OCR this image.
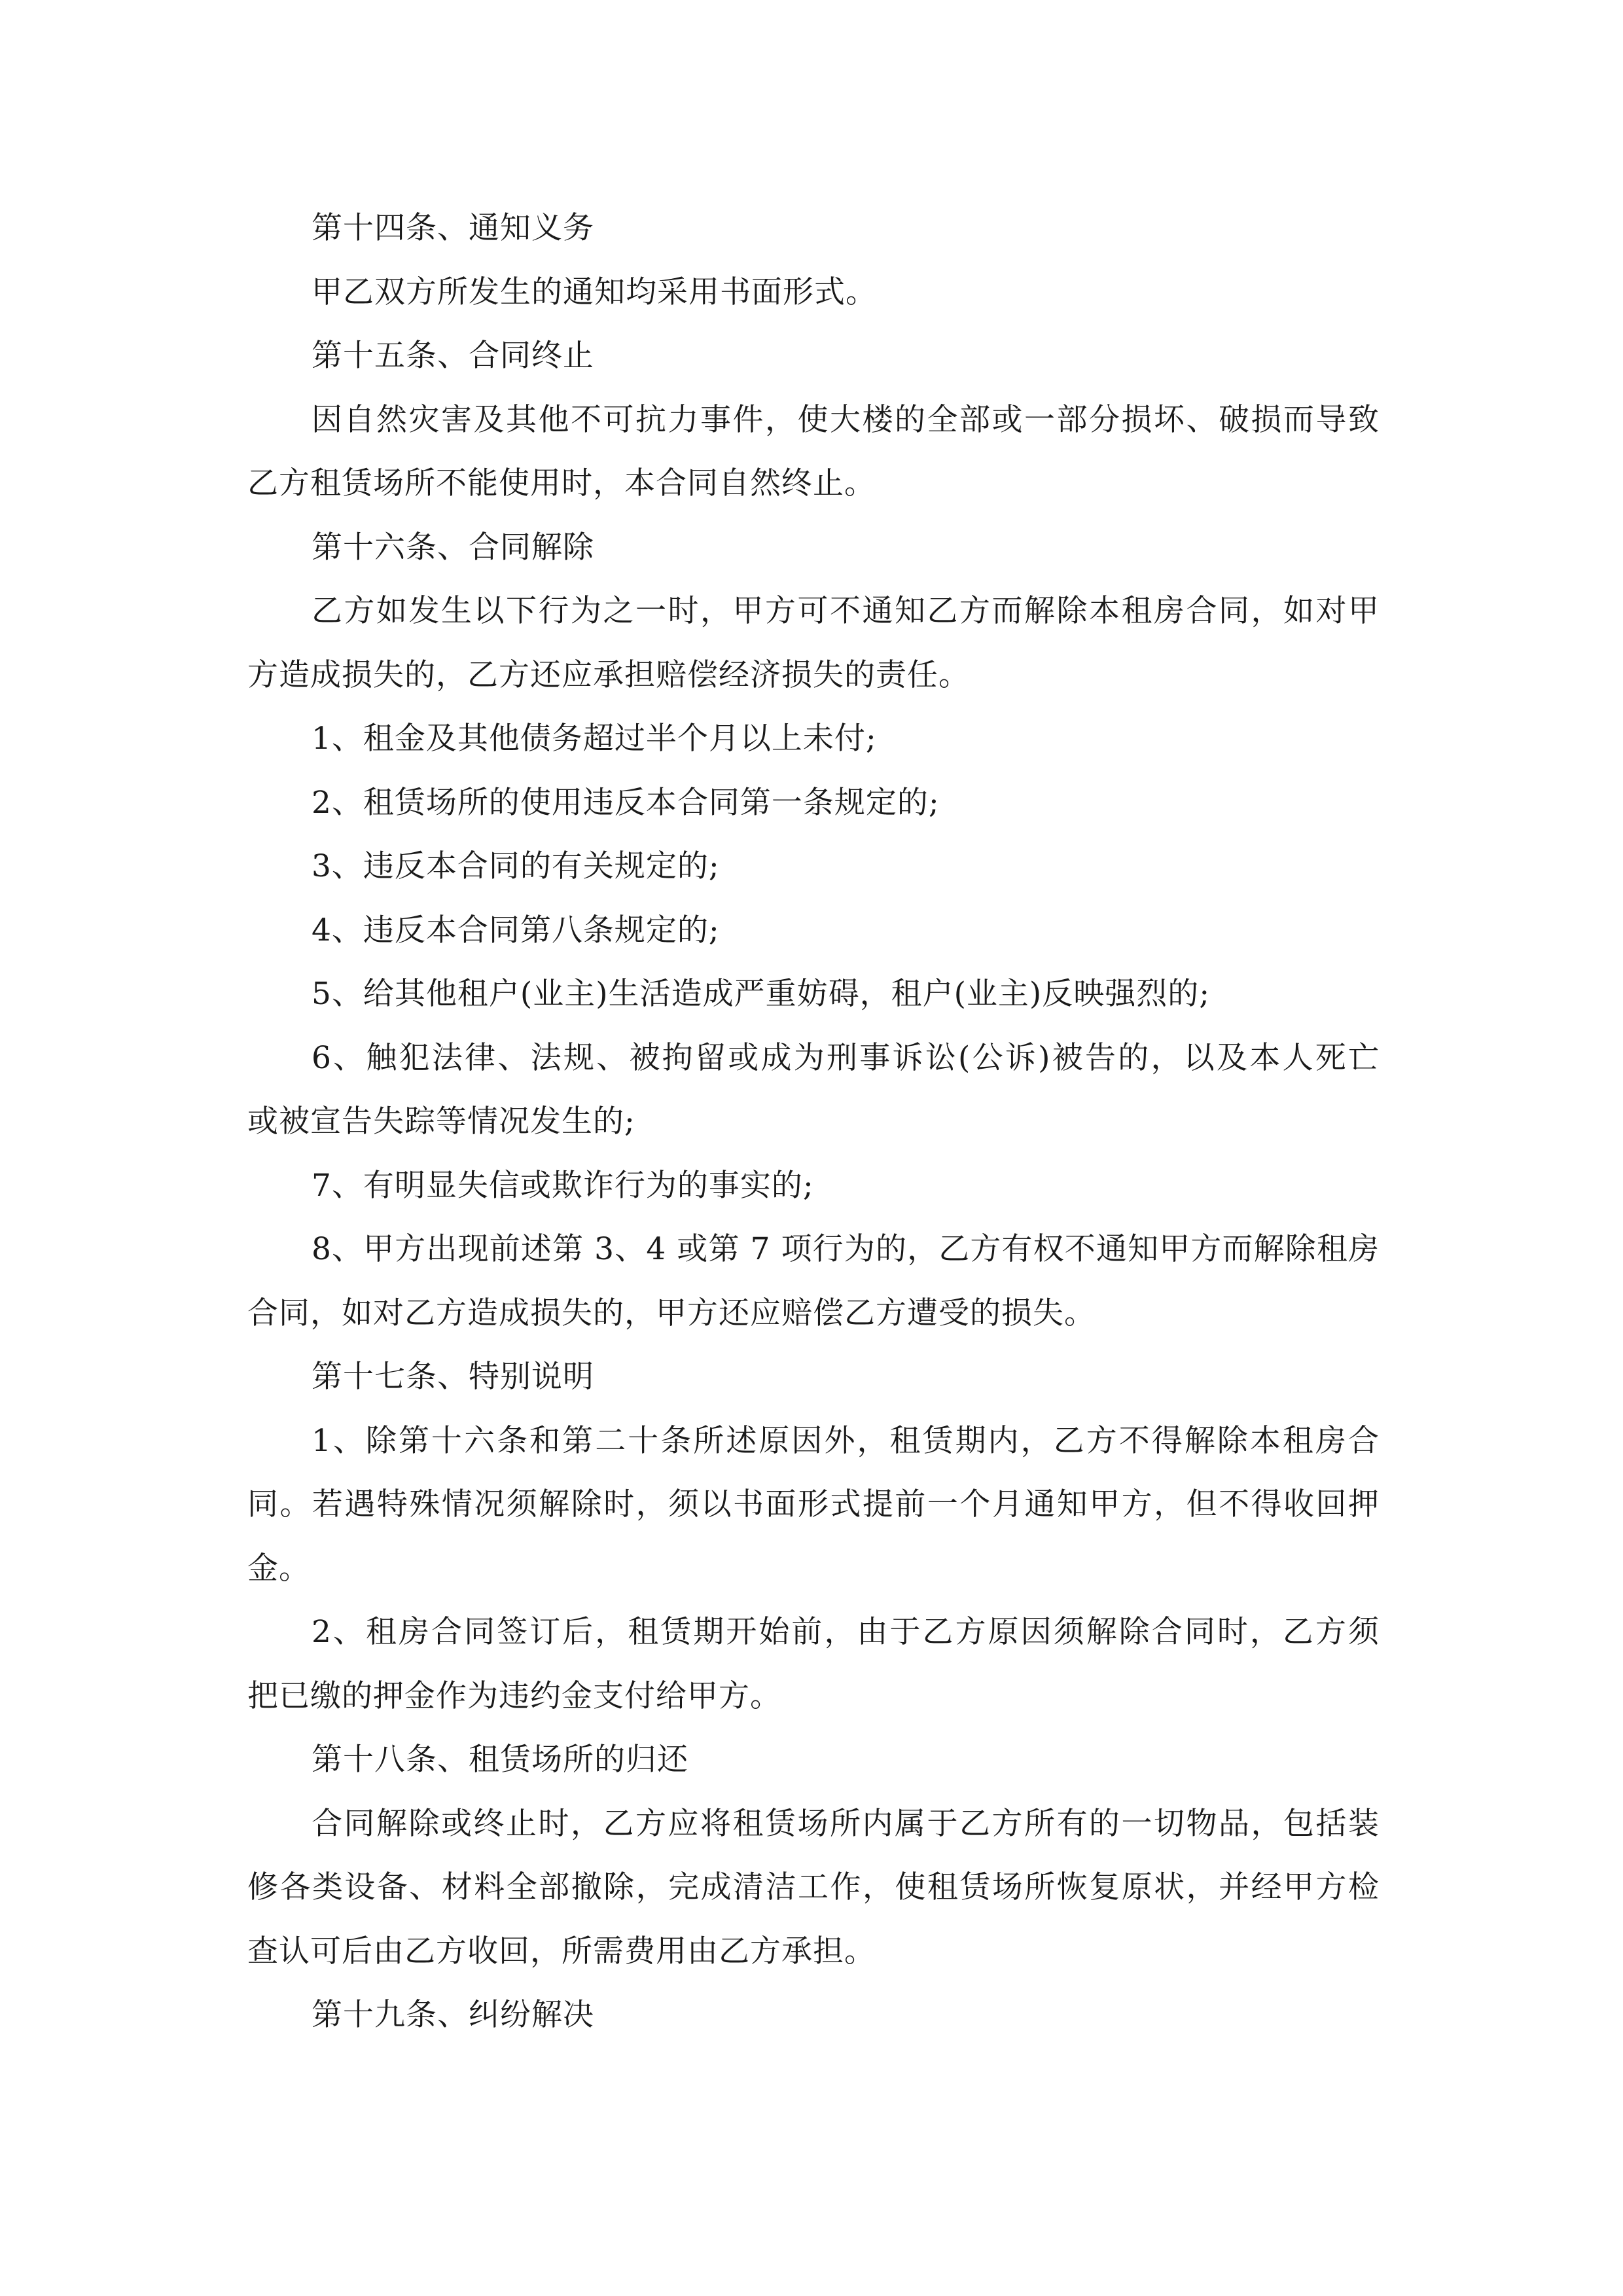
第十四条、通知义务
甲乙双方所发生的通知均采用书面形式。
第十五条、合同终止
因自然灾害及其他不可抗力事件，使大楼的全部或一部分损坏、破损而导致
乙方租赁场所不能使用时，本合同自然终止。
第十六条、合同解除
乙方如发生以下行为之一时，甲方可不通知乙方而解除本租房合同，如对甲
方造成损失的，乙方还应承担赔偿经济损失的责任。
1、租金及其他债务超过半个月以上未付;
2、租赁场所的使用违反本合同第一条规定的;
3、违反本合同的有关规定的;
4、违反本合同第八条规定的;
5、给其他租户(业主)生活造成严重妨碍，租户(业主)反映强烈的;
6、触犯法律、法规、被拘留或成为刑事诉讼(公诉)被告的，以及本人死亡
或被宣告失踪等情况发生的;
7、有明显失信或欺诈行为的事实的;
8、甲方出现前述第 3、4 或第 7 项行为的，乙方有权不通知甲方而解除租房
合同，如对乙方造成损失的，甲方还应赔偿乙方遭受的损失。
第十七条、特别说明
1、除第十六条和第二十条所述原因外，租赁期内，乙方不得解除本租房合
同。若遇特殊情况须解除时，须以书面形式提前一个月通知甲方，但不得收回押
金。
2、租房合同签订后，租赁期开始前，由于乙方原因须解除合同时，乙方须
把已缴的押金作为违约金支付给甲方。
第十八条、租赁场所的归还
合同解除或终止时，乙方应将租赁场所内属于乙方所有的一切物品，包括装
修各类设备、材料全部撤除，完成清洁工作，使租赁场所恢复原状，并经甲方检
查认可后由乙方收回，所需费用由乙方承担。
第十九条、纠纷解决
